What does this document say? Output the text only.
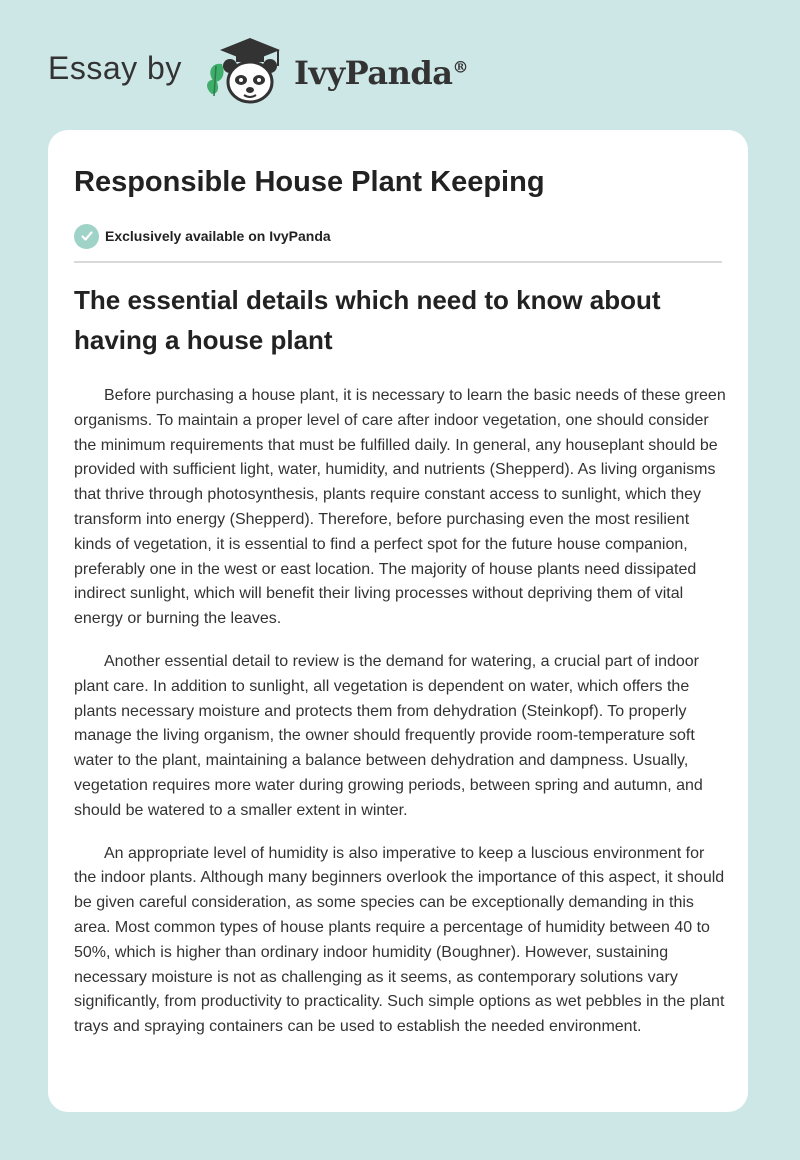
Essay by	IvyPanda®
Responsible House Plant Keeping
Exclusively available on IvyPanda
The essential details which need to know about having a house plant

Before purchasing a house plant, it is necessary to learn the basic needs of these green organisms. To maintain a proper level of care after indoor vegetation, one should consider the minimum requirements that must be fulfilled daily. In general, any houseplant should be provided with sufficient light, water, humidity, and nutrients (Shepperd). As living organisms that thrive through photosynthesis, plants require constant access to sunlight, which they transform into energy (Shepperd). Therefore, before purchasing even the most resilient kinds of vegetation, it is essential to find a perfect spot for the future house companion, preferably one in the west or east location. The majority of house plants need dissipated indirect sunlight, which will benefit their living processes without depriving them of vital energy or burning the leaves.

Another essential detail to review is the demand for watering, a crucial part of indoor plant care. In addition to sunlight, all vegetation is dependent on water, which offers the plants necessary moisture and protects them from dehydration (Steinkopf). To properly manage the living organism, the owner should frequently provide room-temperature soft water to the plant, maintaining a balance between dehydration and dampness. Usually, vegetation requires more water during growing periods, between spring and autumn, and should be watered to a smaller extent in winter.

An appropriate level of humidity is also imperative to keep a luscious environment for the indoor plants. Although many beginners overlook the importance of this aspect, it should be given careful consideration, as some species can be exceptionally demanding in this area. Most common types of house plants require a percentage of humidity between 40 to 50%, which is higher than ordinary indoor humidity (Boughner). However, sustaining necessary moisture is not as challenging as it seems, as contemporary solutions vary significantly, from productivity to practicality. Such simple options as wet pebbles in the plant trays and spraying containers can be used to establish the needed environment.
